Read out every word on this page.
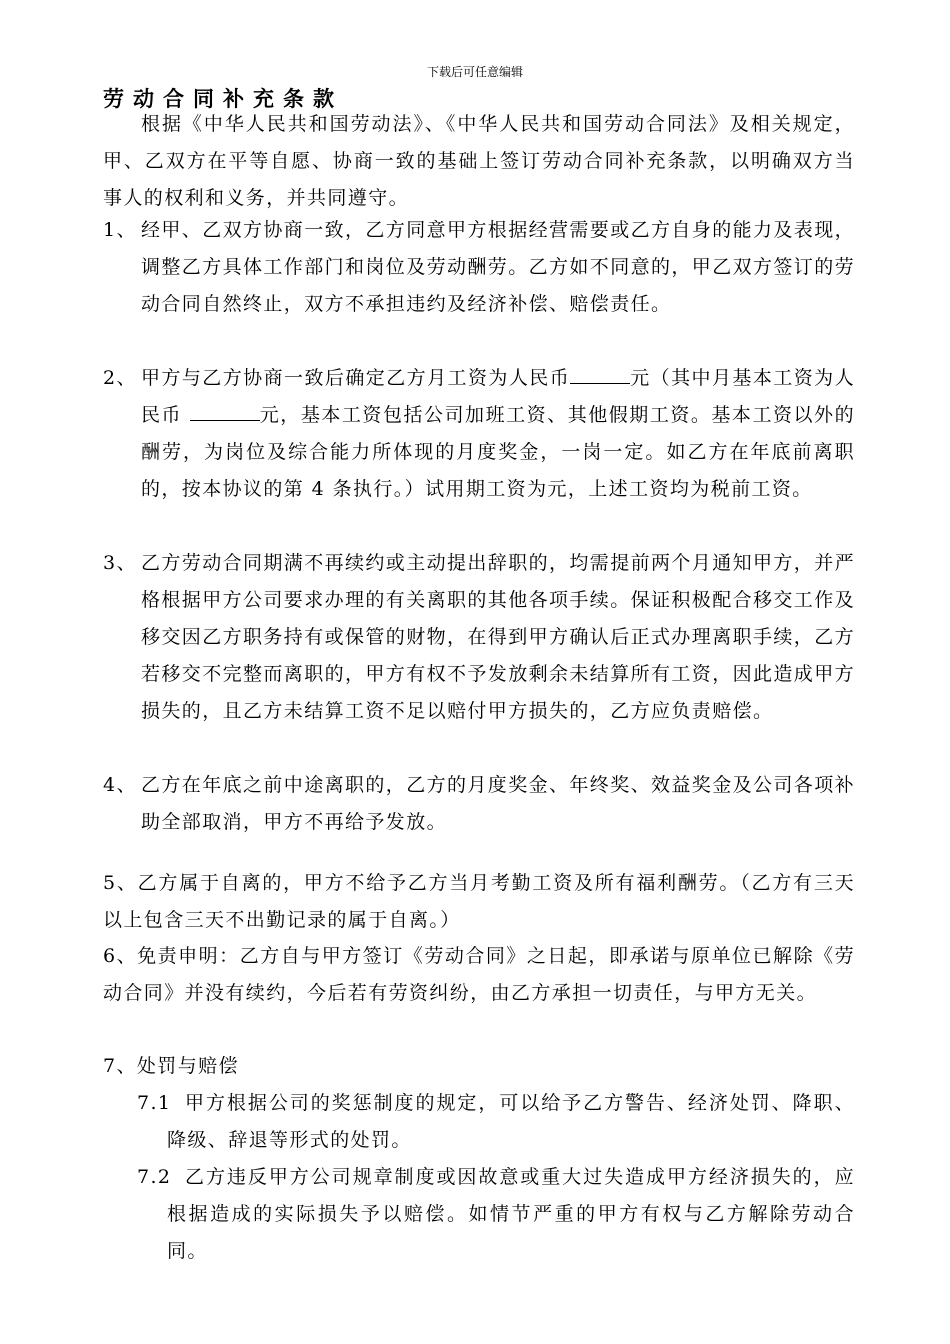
下载后可任意编辑
劳动合同补充条款

根据《中华人民共和国劳动法》、《中华人民共和国劳动合同法》及相关规定，甲、乙双方在平等自愿、协商一致的基础上签订劳动合同补充条款，以明确双方当事人的权利和义务，并共同遵守。

1、 经甲、乙双方协商一致，乙方同意甲方根据经营需要或乙方自身的能力及表现，调整乙方具体工作部门和岗位及劳动酬劳。乙方如不同意的，甲乙双方签订的劳动合同自然终止，双方不承担违约及经济补偿、赔偿责任。
2、 甲方与乙方协商一致后确定乙方月工资为人民币	元（其中月基本工资为人民币	元，基本工资包括公司加班工资、其他假期工资。基本工资以外的酬劳，为岗位及综合能力所体现的月度奖金，一岗一定。如乙方在年底前离职的，按本协议的第 4 条执行。）试用期工资为元，上述工资均为税前工资。
3、 乙方劳动合同期满不再续约或主动提出辞职的，均需提前两个月通知甲方，并严格根据甲方公司要求办理的有关离职的其他各项手续。保证积极配合移交工作及移交因乙方职务持有或保管的财物，在得到甲方确认后正式办理离职手续，乙方若移交不完整而离职的，甲方有权不予发放剩余未结算所有工资，因此造成甲方损失的，且乙方未结算工资不足以赔付甲方损失的，乙方应负责赔偿。
4、 乙方在年底之前中途离职的，乙方的月度奖金、年终奖、效益奖金及公司各项补助全部取消，甲方不再给予发放。

5、乙方属于自离的，甲方不给予乙方当月考勤工资及所有福利酬劳。（乙方有三天以上包含三天不出勤记录的属于自离。）

6、免责申明：乙方自与甲方签订《劳动合同》之日起，即承诺与原单位已解除《劳动合同》并没有续约，今后若有劳资纠纷，由乙方承担一切责任，与甲方无关。

7、处罚与赔偿

7.1 甲方根据公司的奖惩制度的规定，可以给予乙方警告、经济处罚、降职、降级、辞退等形式的处罚。
7.2 乙方违反甲方公司规章制度或因故意或重大过失造成甲方经济损失的，应根据造成的实际损失予以赔偿。如情节严重的甲方有权与乙方解除劳动合同。
